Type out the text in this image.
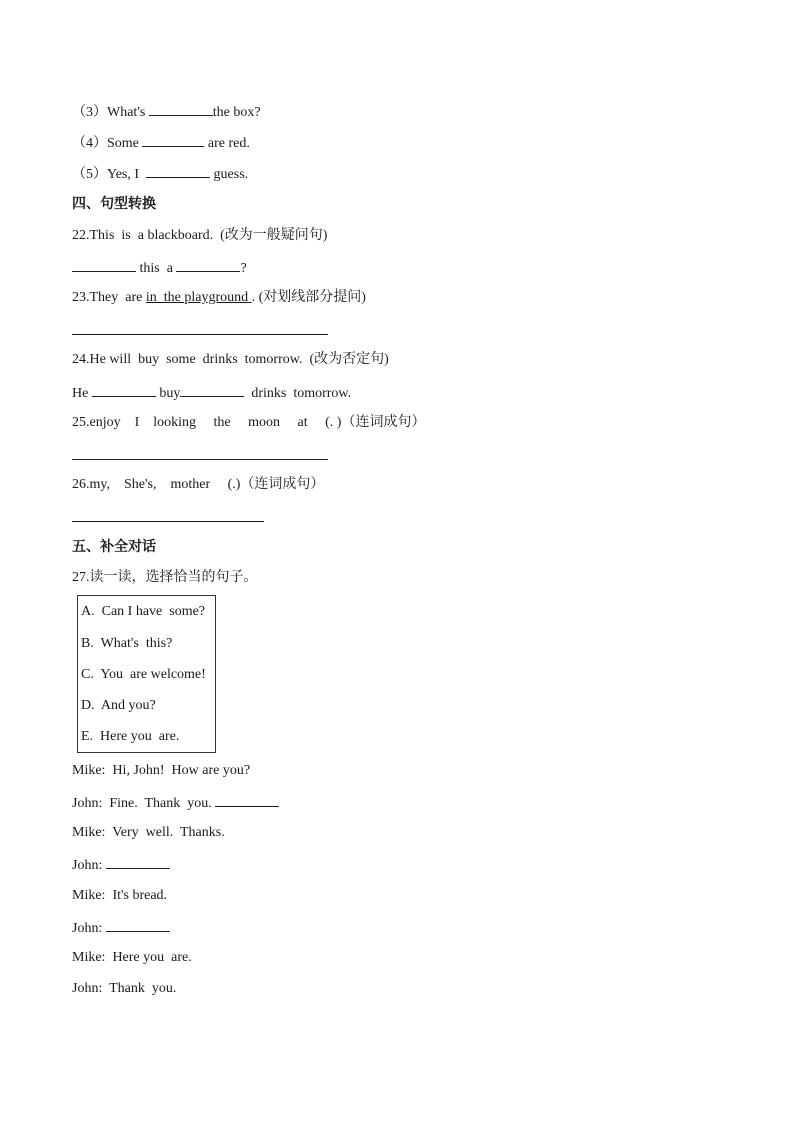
（3）What's	the box?
（4）Some	are red.
（5）Yes, I	guess.
四、句型转换
22.This  is  a blackboard.  (改为一般疑问句)
this  a	?
23.They  are in  the playground . (对划线部分提问)
24.He will  buy  some  drinks  tomorrow.  (改为否定句)
He	buy	drinks  tomorrow.
25.enjoy    I    looking     the     moon     at     (. )（连词成句）
26.my,    She's,    mother     (.)（连词成句）
五、补全对话
27.读一读，选择恰当的句子。
A.  Can I have  some?
B.  What's  this?
C.  You  are welcome!
D.  And you?
E.  Here you  are.
Mike:  Hi, John!  How are you?
John:  Fine.  Thank  you.
Mike:  Very  well.  Thanks.
John:
Mike:  It's bread.
John:
Mike:  Here you  are.
John:  Thank  you.
